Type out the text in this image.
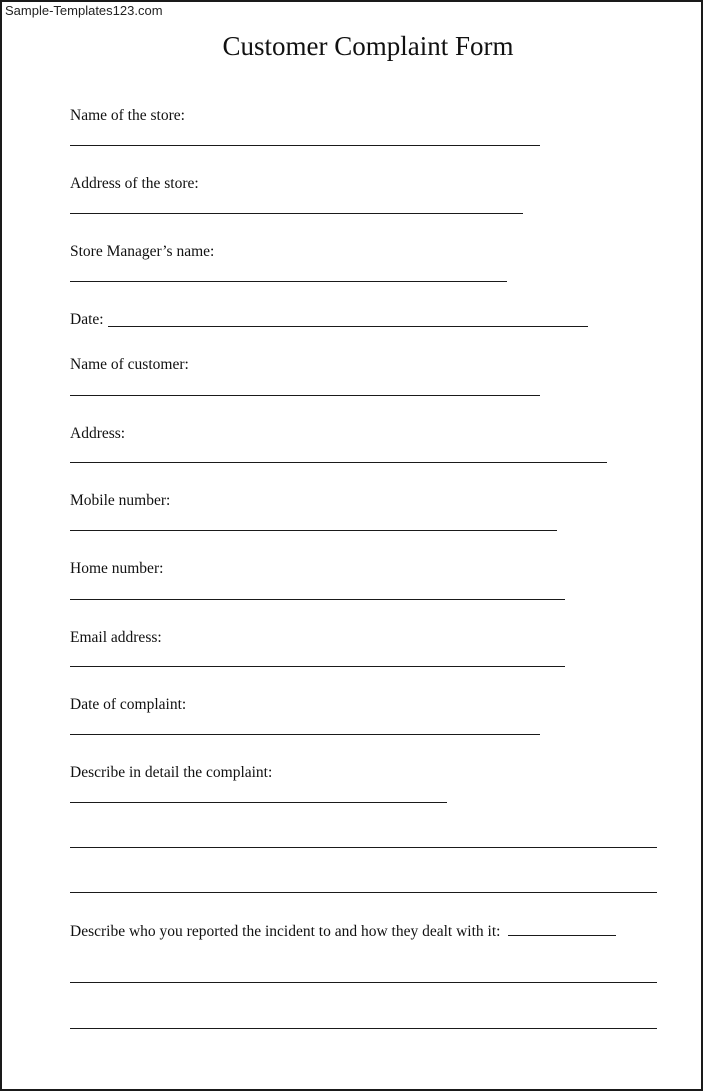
Sample-Templates123.com
Customer Complaint Form
Name of the store:
Address of the store:
Store Manager’s name:
Date:
Name of customer:
Address:
Mobile number:
Home number:
Email address:
Date of complaint:
Describe in detail the complaint:
Describe who you reported the incident to and how they dealt with it:
